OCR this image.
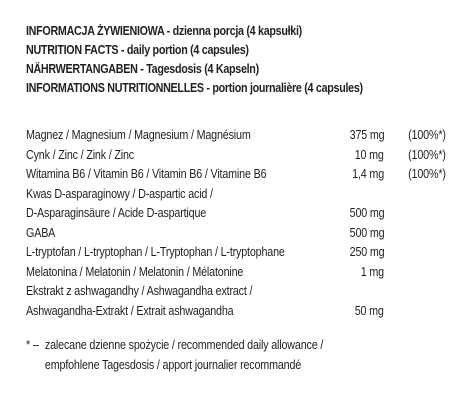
INFORMACJA ŻYWIENIOWA - dzienna porcja (4 kapsułki)
NUTRITION FACTS - daily portion (4 capsules)
NÄHRWERTANGABEN - Tagesdosis (4 Kapseln)
INFORMATIONS NUTRITIONNELLES - portion journalière (4 capsules)
Magnez / Magnesium / Magnesium / Magnésium	375 mg (100%*)
Cynk / Zinc / Zink / Zinc	10 mg (100%*)
Witamina B6 / Vitamin B6 / Vitamin B6 / Vitamine B6	1,4 mg (100%*)
Kwas D-asparaginowy / D-aspartic acid /
D-Asparaginsäure / Acide D-aspartique	500 mg
GABA	500 mg
L-tryptofan / L-tryptophan / L-Tryptophan / L-tryptophane	250 mg
Melatonina / Melatonin / Melatonin / Mélatonine	1 mg
Ekstrakt z ashwagandhy / Ashwagandha extract /
Ashwagandha-Extrakt / Extrait ashwagandha	50 mg
* – zalecane dzienne spożycie / recommended daily allowance /
empfohlene Tagesdosis / apport journalier recommandé
